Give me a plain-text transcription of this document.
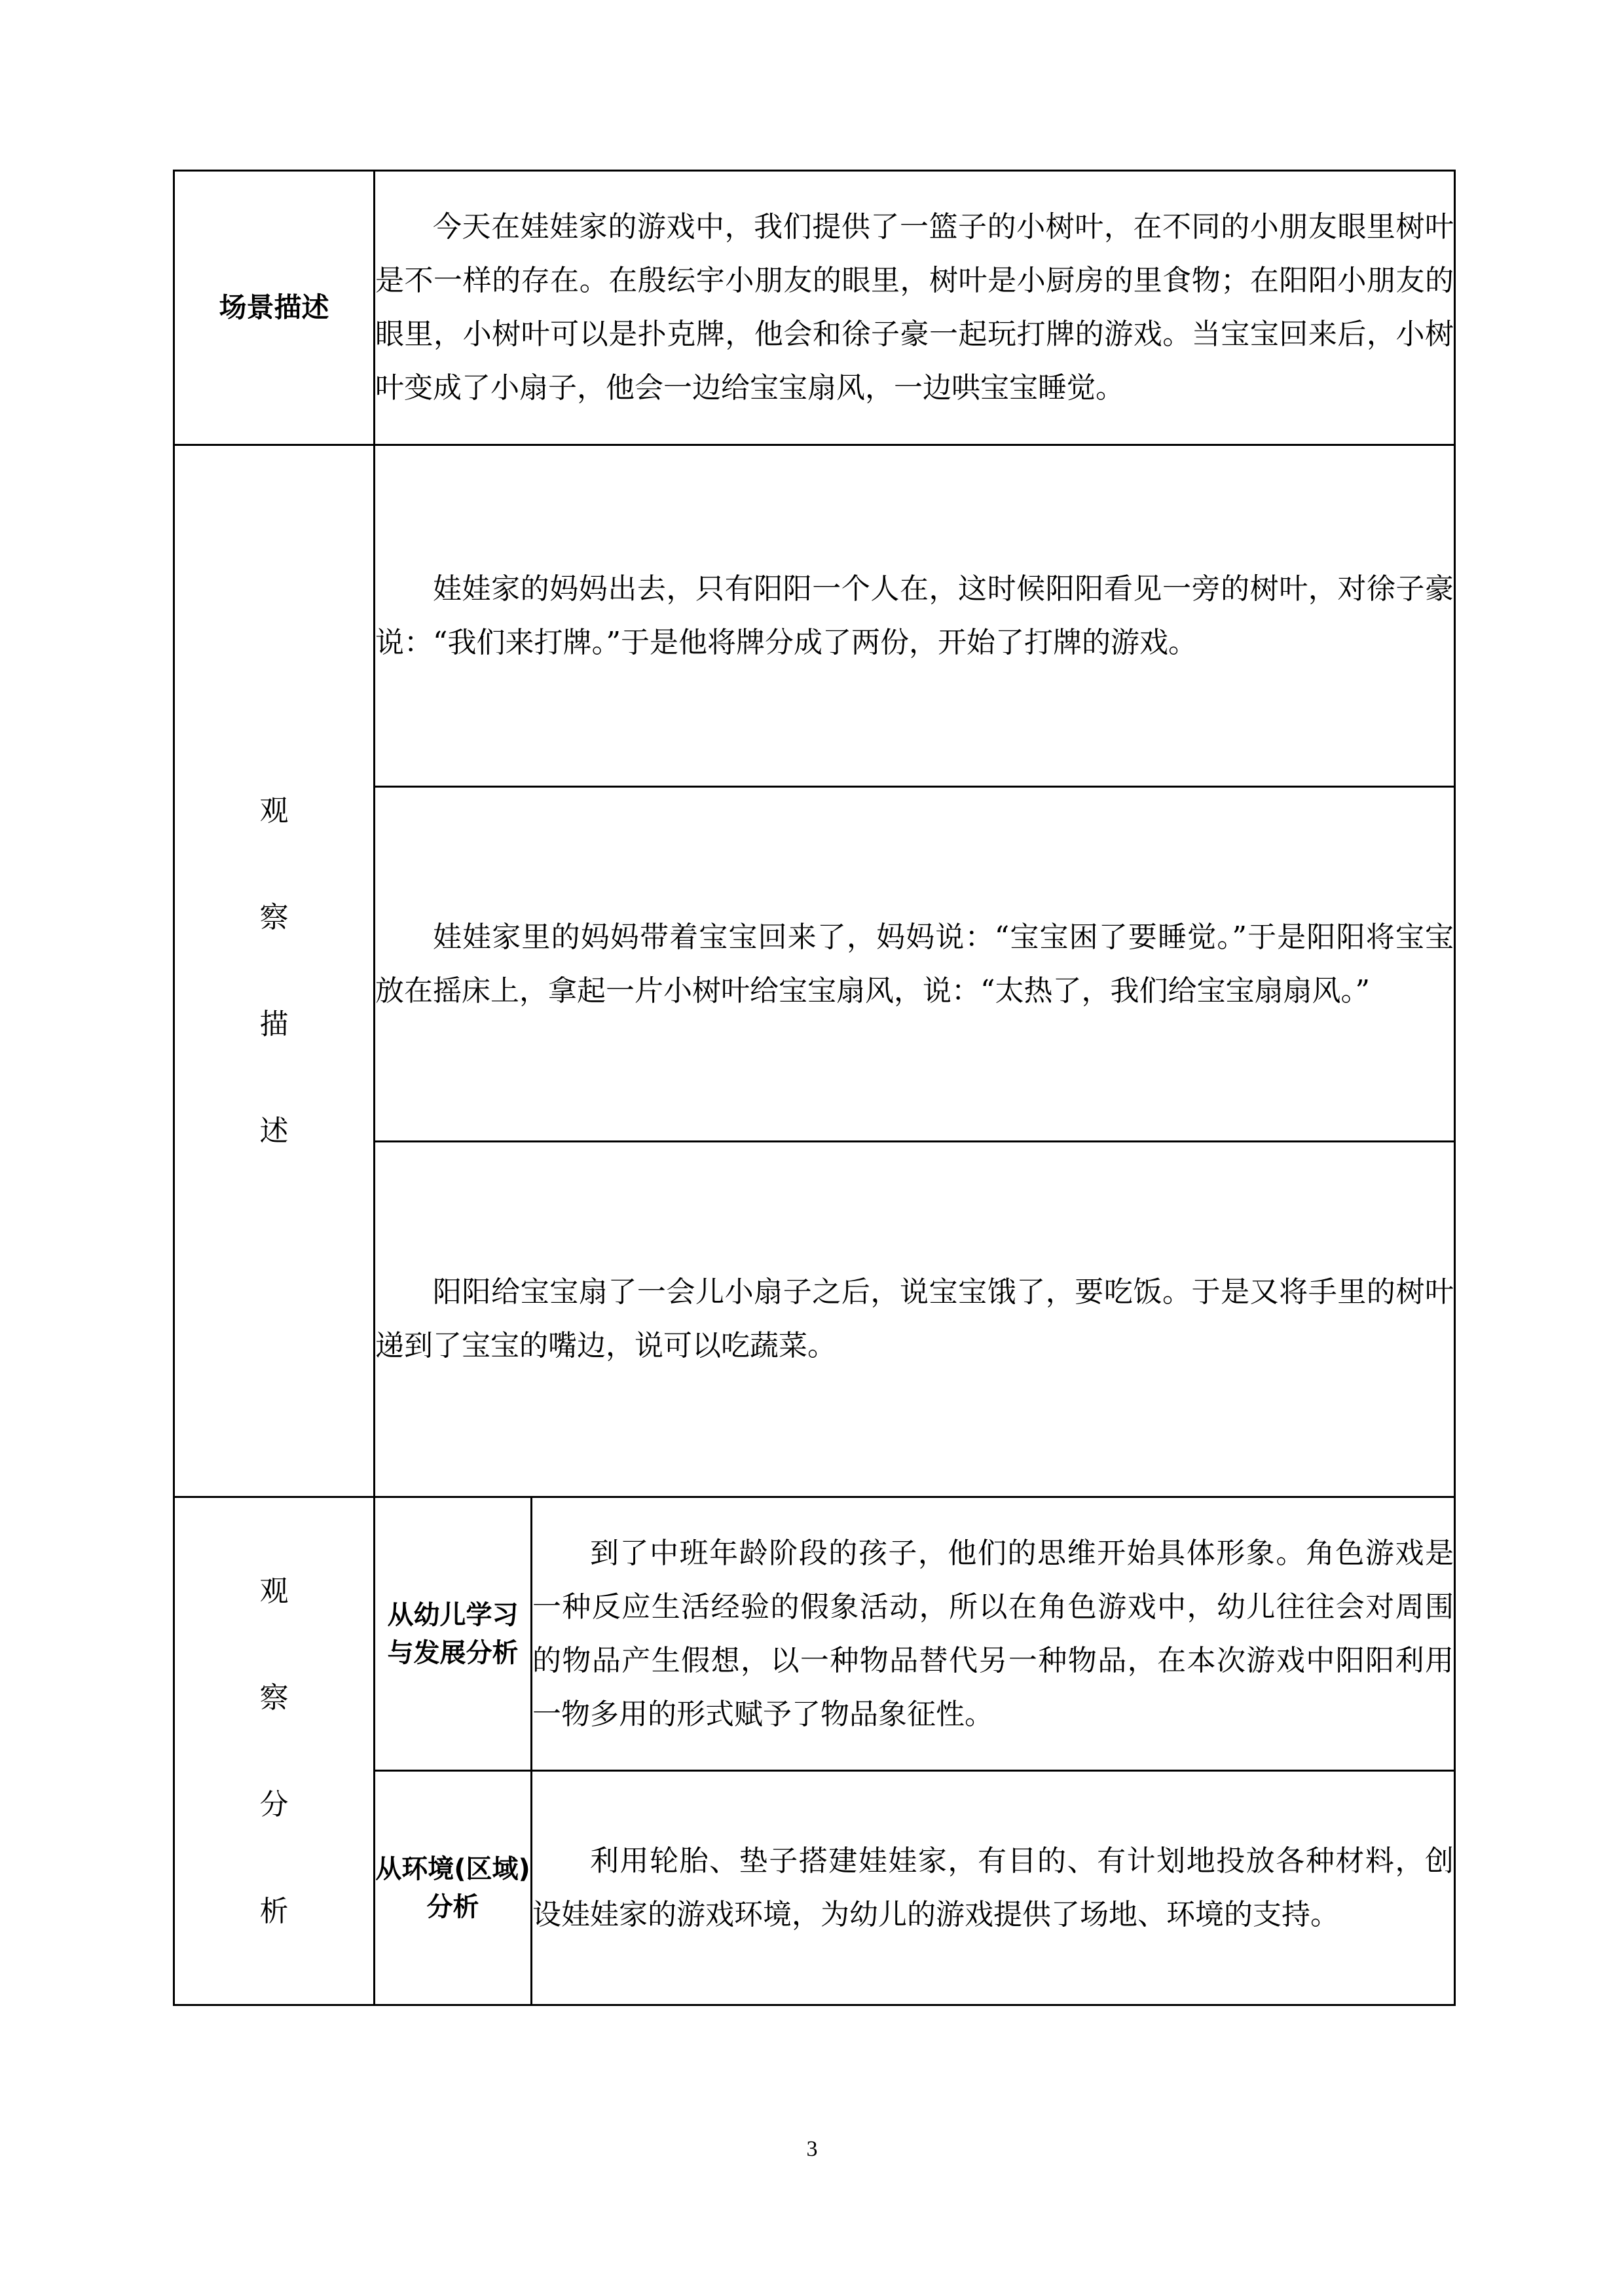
场景描述	今天在娃娃家的游戏中，我们提供了一篮子的小树叶，在不同的小朋友眼里树叶是不一样的存在。在殷纭宇小朋友的眼里，树叶是小厨房的里食物；在阳阳小朋友的眼里，小树叶可以是扑克牌，他会和徐子豪一起玩打牌的游戏。当宝宝回来后，小树叶变成了小扇子，他会一边给宝宝扇风，一边哄宝宝睡觉。	

观
察
描
述	娃娃家的妈妈出去，只有阳阳一个人在，这时候阳阳看见一旁的树叶，对徐子豪说：“我们来打牌。”于是他将牌分成了两份，开始了打牌的游戏。	
	娃娃家里的妈妈带着宝宝回来了，妈妈说：“宝宝困了要睡觉。”于是阳阳将宝宝放在摇床上，拿起一片小树叶给宝宝扇风，说：“太热了，我们给宝宝扇扇风。”	
	阳阳给宝宝扇了一会儿小扇子之后，说宝宝饿了，要吃饭。于是又将手里的树叶递到了宝宝的嘴边，说可以吃蔬菜。	

观
察
分
析	从幼儿学习与发展分析	到了中班年龄阶段的孩子，他们的思维开始具体形象。角色游戏是一种反应生活经验的假象活动，所以在角色游戏中，幼儿往往会对周围的物品产生假想，以一种物品替代另一种物品，在本次游戏中阳阳利用一物多用的形式赋予了物品象征性。
	从环境(区域)分析	利用轮胎、垫子搭建娃娃家，有目的、有计划地投放各种材料，创设娃娃家的游戏环境，为幼儿的游戏提供了场地、环境的支持。
3
